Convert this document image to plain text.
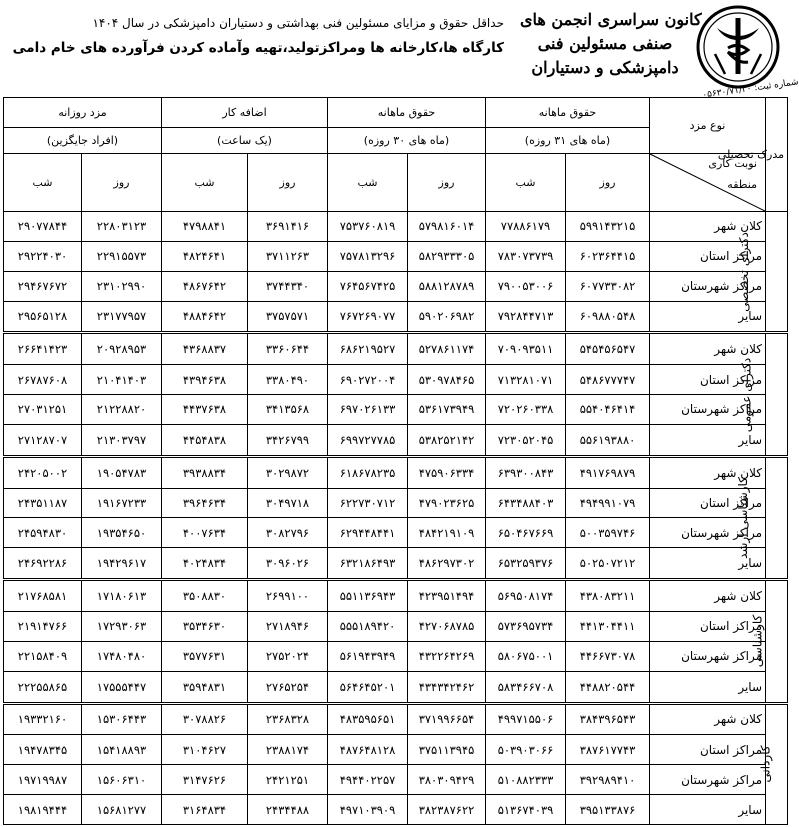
کانون سراسری انجمن های
صنفی مسئولین فنی
دامپزشکی و دستیاران
شماره ثبت: ۰۵۶۳۰/۷۱/۳۰
حداقل حقوق و مزایای مسئولین فنی بهداشتی و دستیاران دامپزشکی در سال ۱۴۰۴
کارگاه ها،کارخانه ها ومراکزتولید،تهیه وآماده کردن فرآورده های خام دامی
مدرک تحصیلی	نوع مزد	حقوق ماهانه		حقوق ماهانه		اضافه کار		مزد روزانه	
		(ماه های ۳۱ روزه)		(ماه های ۳۰ روزه)		(یک ساعت)		(افراد جایگزین)	

	نوبت کاری
منطقه	روز	شب	روز	شب	روز	شب	روز	شب
دکترای تخصصی	کلان شهر	۵۹۹۱۴۳۲۱۵	۷۷۸۸۶۱۷۹	۵۷۹۸۱۶۰۱۴	۷۵۳۷۶۰۸۱۹	۳۶۹۱۴۱۶	۴۷۹۸۸۴۱	۲۲۸۰۳۱۲۳	۲۹۰۷۷۸۴۴
	مراکز استان	۶۰۲۳۶۴۴۱۵	۷۸۳۰۷۳۷۳۹	۵۸۲۹۳۳۳۰۵	۷۵۷۸۱۳۲۹۶	۳۷۱۱۲۶۳	۴۸۲۴۶۴۱	۲۲۹۱۵۵۷۳	۲۹۲۲۴۰۳۰
	مراکز شهرستان	۶۰۷۷۳۳۰۸۲	۷۹۰۰۵۳۰۰۶	۵۸۸۱۲۸۷۸۹	۷۶۴۵۶۷۴۲۵	۳۷۴۴۳۴۰	۴۸۶۷۶۴۲	۲۳۱۰۲۹۹۰	۲۹۴۶۷۶۷۲
	سایر	۶۰۹۸۸۰۵۴۸	۷۹۲۸۴۴۷۱۳	۵۹۰۲۰۶۹۸۲	۷۶۷۲۶۹۰۷۷	۳۷۵۷۵۷۱	۴۸۸۴۶۴۲	۲۳۱۷۷۹۵۷	۲۹۵۶۵۱۲۸
دکترای عمومی	کلان شهر	۵۴۵۴۵۶۵۴۷	۷۰۹۰۹۳۵۱۱	۵۲۷۸۶۱۱۷۴	۶۸۶۲۱۹۵۲۷	۳۳۶۰۶۴۴	۴۳۶۸۸۳۷	۲۰۹۲۸۹۵۳	۲۶۶۴۱۴۲۳
	مراکز استان	۵۴۸۶۷۷۷۴۷	۷۱۳۲۸۱۰۷۱	۵۳۰۹۷۸۴۶۵	۶۹۰۲۷۲۰۰۴	۳۳۸۰۴۹۰	۴۳۹۴۶۳۸	۲۱۰۴۱۴۰۳	۲۶۷۸۷۶۰۸
	مراکز شهرستان	۵۵۴۰۴۶۴۱۴	۷۲۰۲۶۰۳۳۸	۵۳۶۱۷۳۹۴۹	۶۹۷۰۲۶۱۳۳	۳۴۱۳۵۶۸	۴۴۳۷۶۳۸	۲۱۲۲۸۸۲۰	۲۷۰۳۱۲۵۱
	سایر	۵۵۶۱۹۳۸۸۰	۷۲۳۰۵۲۰۴۵	۵۳۸۲۵۲۱۴۲	۶۹۹۷۲۷۷۸۵	۳۴۲۶۷۹۹	۴۴۵۴۸۳۸	۲۱۳۰۳۷۹۷	۲۷۱۲۸۷۰۷
کارشناسی ارشد	کلان شهر	۴۹۱۷۶۹۸۷۹	۶۳۹۳۰۰۸۴۳	۴۷۵۹۰۶۳۳۴	۶۱۸۶۷۸۲۳۵	۳۰۲۹۸۷۲	۳۹۳۸۸۳۴	۱۹۰۵۴۷۸۳	۲۴۲۰۵۰۰۲
	مراکز استان	۴۹۴۹۹۱۰۷۹	۶۴۳۴۸۸۴۰۳	۴۷۹۰۲۳۶۲۵	۶۲۲۷۳۰۷۱۲	۳۰۴۹۷۱۸	۳۹۶۴۶۳۴	۱۹۱۶۷۲۳۳	۲۴۳۵۱۱۸۷
	مراکز شهرستان	۵۰۰۳۵۹۷۴۶	۶۵۰۴۶۷۶۶۹	۴۸۴۲۱۹۱۰۹	۶۲۹۴۴۸۴۴۱	۳۰۸۲۷۹۶	۴۰۰۷۶۳۴	۱۹۳۵۴۶۵۰	۲۴۵۹۴۸۳۰
	سایر	۵۰۲۵۰۷۲۱۲	۶۵۳۲۵۹۳۷۶	۴۸۶۲۹۷۳۰۲	۶۳۲۱۸۶۴۹۳	۳۰۹۶۰۲۶	۴۰۲۴۸۳۴	۱۹۴۲۹۶۱۷	۲۴۶۹۲۲۸۶
کارشناسی	کلان شهر	۴۳۸۰۸۳۲۱۱	۵۶۹۵۰۸۱۷۴	۴۲۳۹۵۱۴۹۴	۵۵۱۱۳۶۹۴۳	۲۶۹۹۱۰۰	۳۵۰۸۸۳۰	۱۷۱۸۰۶۱۳	۲۱۷۶۸۵۸۱
	مراکز استان	۴۴۱۳۰۴۴۱۱	۵۷۳۶۹۵۷۳۴	۴۲۷۰۶۸۷۸۵	۵۵۵۱۸۹۴۲۰	۲۷۱۸۹۴۶	۳۵۳۴۶۳۰	۱۷۲۹۳۰۶۳	۲۱۹۱۴۷۶۶
	مراکز شهرستان	۴۴۶۶۷۳۰۷۸	۵۸۰۶۷۵۰۰۱	۴۳۲۲۶۴۲۶۹	۵۶۱۹۴۳۹۴۹	۲۷۵۲۰۲۴	۳۵۷۷۶۳۱	۱۷۴۸۰۴۸۰	۲۲۱۵۸۴۰۹
	سایر	۴۴۸۸۲۰۵۴۴	۵۸۳۴۶۶۷۰۸	۴۳۴۳۴۲۴۶۲	۵۶۴۶۴۵۲۰۱	۲۷۶۵۲۵۴	۳۵۹۴۸۳۱	۱۷۵۵۵۴۴۷	۲۲۲۵۵۸۶۵
کاردانی	کلان شهر	۳۸۴۳۹۶۵۴۳	۴۹۹۷۱۵۵۰۶	۳۷۱۹۹۶۶۵۴	۴۸۳۵۹۵۶۵۱	۲۳۶۸۳۲۸	۳۰۷۸۸۲۶	۱۵۳۰۶۴۴۳	۱۹۳۳۲۱۶۰
	مراکز استان	۳۸۷۶۱۷۷۴۳	۵۰۳۹۰۳۰۶۶	۳۷۵۱۱۳۹۴۵	۴۸۷۶۴۸۱۲۸	۲۳۸۸۱۷۴	۳۱۰۴۶۲۷	۱۵۴۱۸۸۹۳	۱۹۴۷۸۳۴۵
	مراکز شهرستان	۳۹۲۹۸۹۴۱۰	۵۱۰۸۸۲۳۳۳	۳۸۰۳۰۹۴۲۹	۴۹۴۴۰۲۲۵۷	۲۴۲۱۲۵۱	۳۱۴۷۶۲۶	۱۵۶۰۶۳۱۰	۱۹۷۱۹۹۸۷
	سایر	۳۹۵۱۳۳۸۷۶	۵۱۳۶۷۴۰۳۹	۳۸۲۳۸۷۶۲۲	۴۹۷۱۰۳۹۰۹	۲۴۳۴۴۸۸	۳۱۶۴۸۳۴	۱۵۶۸۱۲۷۷	۱۹۸۱۹۴۴۴
